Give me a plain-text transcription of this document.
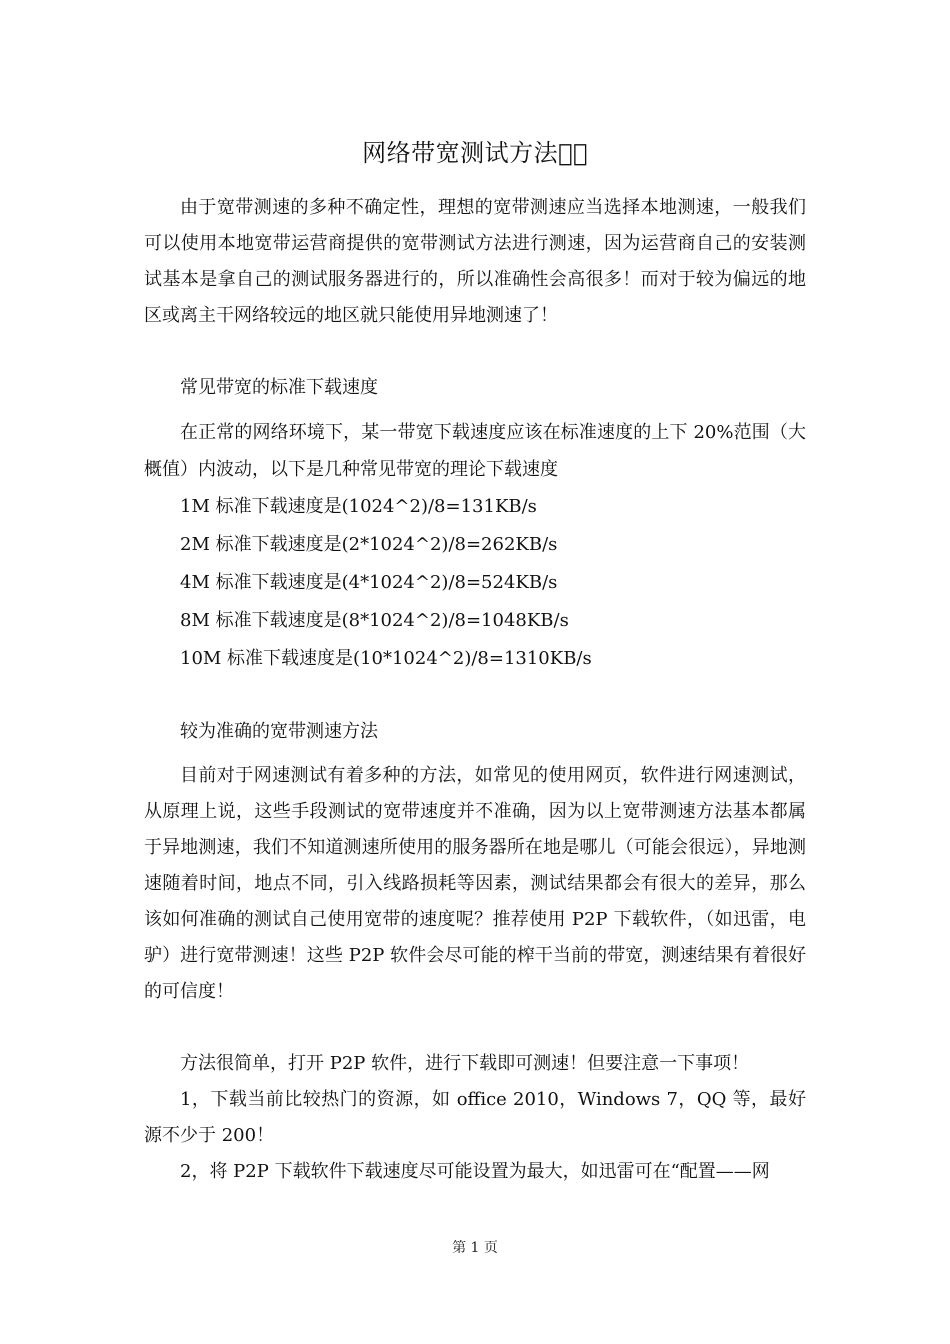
网络带宽测试方法  

由于宽带测速的多种不确定性，理想的宽带测速应当选择本地测速，一般我们可以使用本地宽带运营商提供的宽带测试方法进行测速，因为运营商自己的安装测试基本是拿自己的测试服务器进行的，所以准确性会高很多！而对于较为偏远的地区或离主干网络较远的地区就只能使用异地测速了！

常见带宽的标准下载速度

在正常的网络环境下，某一带宽下载速度应该在标准速度的上下 20%范围（大概值）内波动，以下是几种常见带宽的理论下载速度

1M 标准下载速度是(1024^2)/8=131KB/s

2M 标准下载速度是(2*1024^2)/8=262KB/s

4M 标准下载速度是(4*1024^2)/8=524KB/s

8M 标准下载速度是(8*1024^2)/8=1048KB/s

10M 标准下载速度是(10*1024^2)/8=1310KB/s

较为准确的宽带测速方法

目前对于网速测试有着多种的方法，如常见的使用网页，软件进行网速测试，从原理上说，这些手段测试的宽带速度并不准确，因为以上宽带测速方法基本都属于异地测速，我们不知道测速所使用的服务器所在地是哪儿（可能会很远），异地测速随着时间，地点不同，引入线路损耗等因素，测试结果都会有很大的差异，那么该如何准确的测试自己使用宽带的速度呢？推荐使用 P2P 下载软件，（如迅雷，电驴）进行宽带测速！这些 P2P 软件会尽可能的榨干当前的带宽，测速结果有着很好的可信度！

方法很简单，打开 P2P 软件，进行下载即可测速！但要注意一下事项！

1，下载当前比较热门的资源，如 office 2010，Windows 7，QQ 等，最好源不少于 200！

2，将 P2P 下载软件下载速度尽可能设置为最大，如迅雷可在“配置——网

第 1 页
